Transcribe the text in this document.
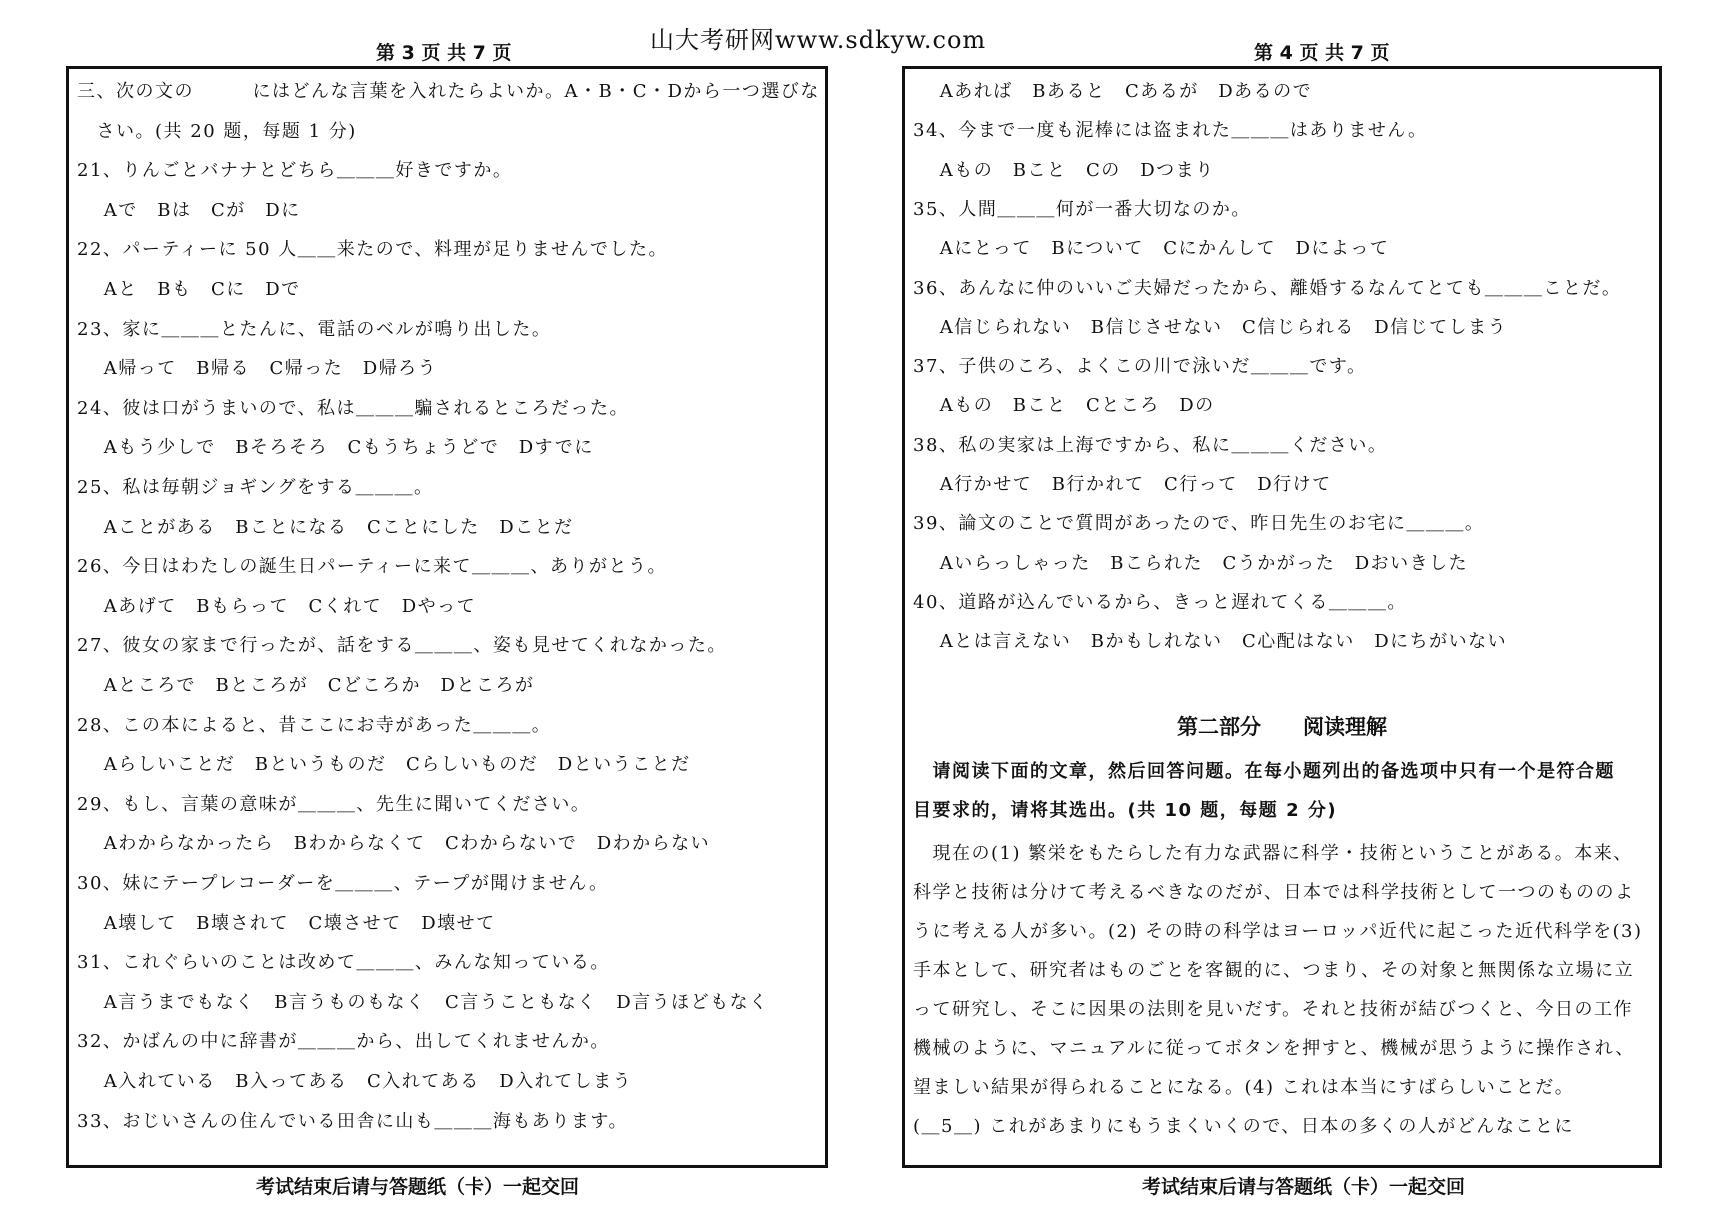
山大考研网www.sdkyw.com
第 3 页 共 7 页	第 4 页 共 7 页
三、次の文の　　　にはどんな言葉を入れたらよいか。A・B・C・Dから一つ選びな
　さい。(共 20 题，每题 1 分)
21、りんごとバナナとどちら＿＿＿好きですか。
　 Aで　Bは　Cが　Dに
22、パーティーに 50 人＿＿来たので、料理が足りませんでした。
　 Aと　Bも　Cに　Dで
23、家に＿＿＿とたんに、電話のベルが鳴り出した。
　 A帰って　B帰る　C帰った　D帰ろう
24、彼は口がうまいので、私は＿＿＿騙されるところだった。
　 Aもう少しで　Bそろそろ　Cもうちょうどで　Dすでに
25、私は毎朝ジョギングをする＿＿＿。
　 Aことがある　Bことになる　Cことにした　Dことだ
26、今日はわたしの誕生日パーティーに来て＿＿＿、ありがとう。
　 Aあげて　Bもらって　Cくれて　Dやって
27、彼女の家まで行ったが、話をする＿＿＿、姿も見せてくれなかった。
　 Aところで　Bところが　Cどころか　Dところが
28、この本によると、昔ここにお寺があった＿＿＿。
　 Aらしいことだ　Bというものだ　Cらしいものだ　Dということだ
29、もし、言葉の意味が＿＿＿、先生に聞いてください。
　 Aわからなかったら　Bわからなくて　Cわからないで　Dわからない
30、妹にテープレコーダーを＿＿＿、テープが聞けません。
　 A壊して　B壊されて　C壊させて　D壊せて
31、これぐらいのことは改めて＿＿＿、みんな知っている。
　 A言うまでもなく　B言うものもなく　C言うこともなく　D言うほどもなく
32、かばんの中に辞書が＿＿＿から、出してくれませんか。
　 A入れている　B入ってある　C入れてある　D入れてしまう
33、おじいさんの住んでいる田舎に山も＿＿＿海もあります。
考试结束后请与答题纸（卡）一起交回
　 Aあれば　Bあると　Cあるが　Dあるので
34、今まで一度も泥棒には盗まれた＿＿＿はありません。
　 Aもの　Bこと　Cの　Dつまり
35、人間＿＿＿何が一番大切なのか。
　 Aにとって　Bについて　Cにかんして　Dによって
36、あんなに仲のいいご夫婦だったから、離婚するなんてとても＿＿＿ことだ。
　 A信じられない　B信じさせない　C信じられる　D信じてしまう
37、子供のころ、よくこの川で泳いだ＿＿＿です。
　 Aもの　Bこと　Cところ　Dの
38、私の実家は上海ですから、私に＿＿＿ください。
　 A行かせて　B行かれて　C行って　D行けて
39、論文のことで質問があったので、昨日先生のお宅に＿＿＿。
　 Aいらっしゃった　Bこられた　Cうかがった　Dおいきした
40、道路が込んでいるから、きっと遅れてくる＿＿＿。
　 Aとは言えない　Bかもしれない　C心配はない　Dにちがいない
第二部分　　阅读理解
　请阅读下面的文章，然后回答问题。在每小题列出的备选项中只有一个是符合题
目要求的，请将其选出。(共 10 题，每题 2 分)
　現在の(1) 繁栄をもたらした有力な武器に科学・技術ということがある。本来、
科学と技術は分けて考えるべきなのだが、日本では科学技術として一つのもののよ
うに考える人が多い。(2) その時の科学はヨーロッパ近代に起こった近代科学を(3)
手本として、研究者はものごとを客観的に、つまり、その対象と無関係な立場に立
って研究し、そこに因果の法則を見いだす。それと技術が結びつくと、今日の工作
機械のように、マニュアルに従ってボタンを押すと、機械が思うように操作され、
望ましい結果が得られることになる。(4) これは本当にすばらしいことだ。
(＿5＿) これがあまりにもうまくいくので、日本の多くの人がどんなことに
考试结束后请与答题纸（卡）一起交回
